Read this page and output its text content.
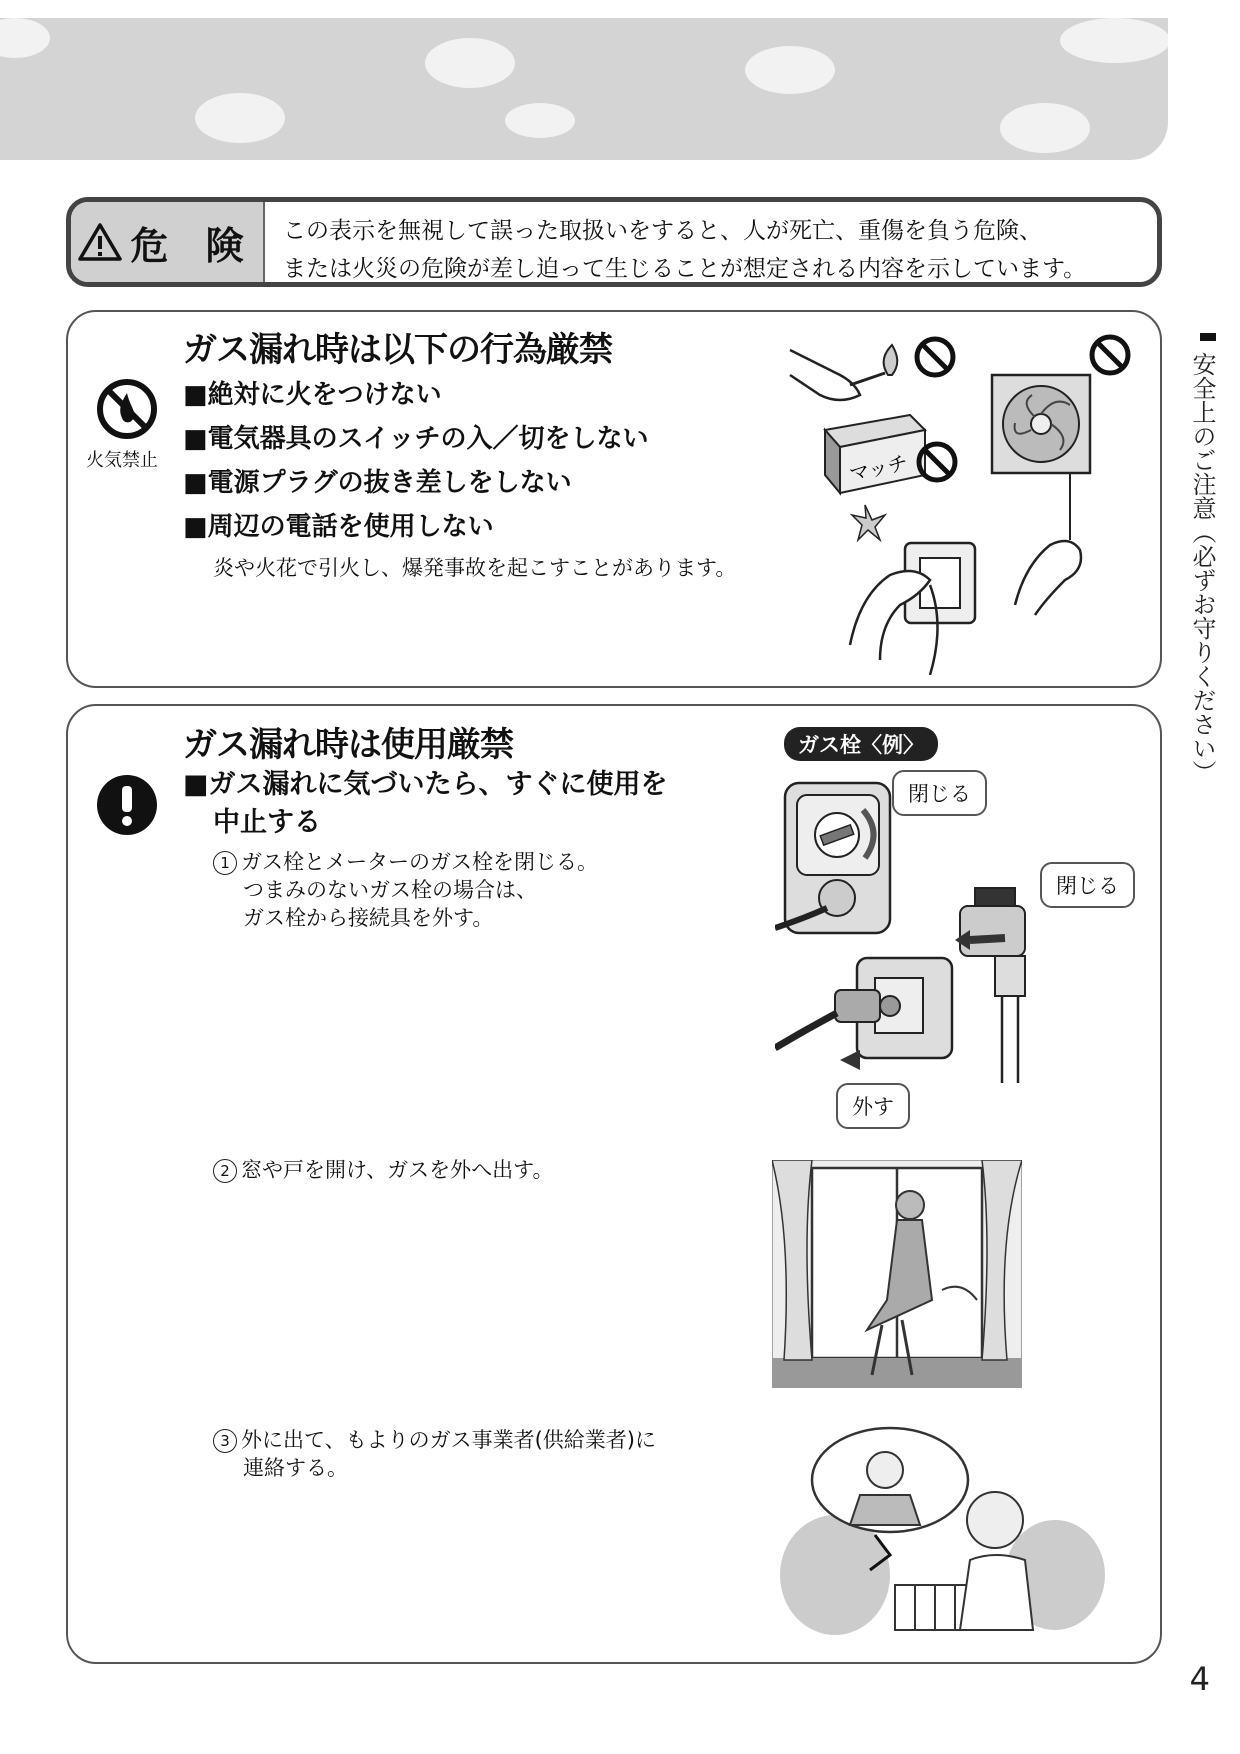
危 険 この表示を無視して誤った取扱いをすると、人が死亡、重傷を負う危険、
または火災の危険が差し迫って生じることが想定される内容を示しています。
安全上のご注意（必ずお守りください）
ガス漏れ時は以下の行為厳禁
火気禁止
■絶対に火をつけない
■電気器具のスイッチの入／切をしない
■電源プラグの抜き差しをしない
■周辺の電話を使用しない
炎や火花で引火し、爆発事故を起こすことがあります。
マッチ
ガス漏れ時は使用厳禁
■ガス漏れに気づいたら、すぐに使用を
中止する
1 ガス栓とメーターのガス栓を閉じる。
つまみのないガス栓の場合は、
ガス栓から接続具を外す。
2 窓や戸を開け、ガスを外へ出す。
3 外に出て、もよりのガス事業者(供給業者)に
連絡する。
ガス栓〈例〉
閉じる
閉じる
外す
4
